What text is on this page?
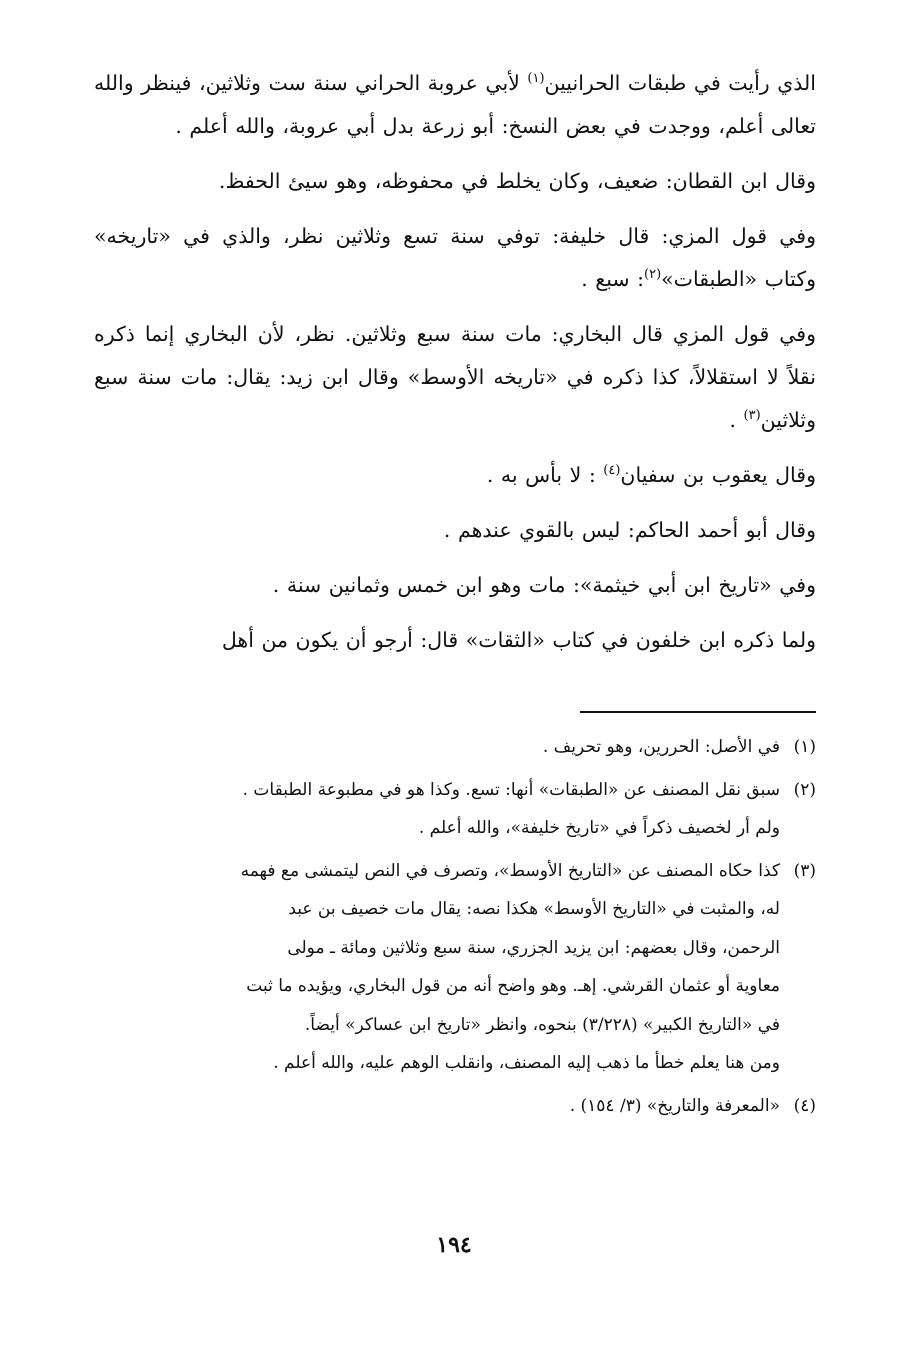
الذي رأيت في طبقات الحرانيين$^{(١)}$ لأبي عروبة الحراني سنة ست وثلاثين، فينظر والله تعالى أعلم، ووجدت في بعض النسخ: أبو زرعة بدل أبي عروبة، والله أعلم .

وقال ابن القطان: ضعيف، وكان يخلط في محفوظه، وهو سيئ الحفظ.

وفي قول المزي: قال خليفة: توفي سنة تسع وثلاثين نظر، والذي في «تاريخه» وكتاب «الطبقات»$^{(٢)}$: سبع .

وفي قول المزي قال البخاري: مات سنة سبع وثلاثين. نظر، لأن البخاري إنما ذكره نقلاً لا استقلالاً، كذا ذكره في «تاريخه الأوسط» وقال ابن زيد: يقال: مات سنة سبع وثلاثين$^{(٣)}$ .

وقال يعقوب بن سفيان$^{(٤)}$ : لا بأس به .

وقال أبو أحمد الحاكم: ليس بالقوي عندهم .

وفي «تاريخ ابن أبي خيثمة»: مات وهو ابن خمس وثمانين سنة .

ولما ذكره ابن خلفون في كتاب «الثقات» قال: أرجو أن يكون من أهل

(١)
في الأصل: الحررين، وهو تحريف .
(٢)
سبق نقل المصنف عن «الطبقات» أنها: تسع. وكذا هو في مطبوعة الطبقات .
ولم أر لخصيف ذكراً في «تاريخ خليفة»، والله أعلم .
(٣)
كذا حكاه المصنف عن «التاريخ الأوسط»، وتصرف في النص ليتمشى مع فهمه
له، والمثبت في «التاريخ الأوسط» هكذا نصه: يقال مات خصيف بن عبد
الرحمن، وقال بعضهم: ابن يزيد الجزري، سنة سبع وثلاثين ومائة ـ مولى
معاوية أو عثمان القرشي. إهـ. وهو واضح أنه من قول البخاري، ويؤيده ما ثبت
في «التاريخ الكبير» (٣/٢٢٨) بنحوه، وانظر «تاريخ ابن عساكر» أيضاً.
ومن هنا يعلم خطأ ما ذهب إليه المصنف، وانقلب الوهم عليه، والله أعلم .
(٤)
«المعرفة والتاريخ» (٣/ ١٥٤) .
١٩٤
